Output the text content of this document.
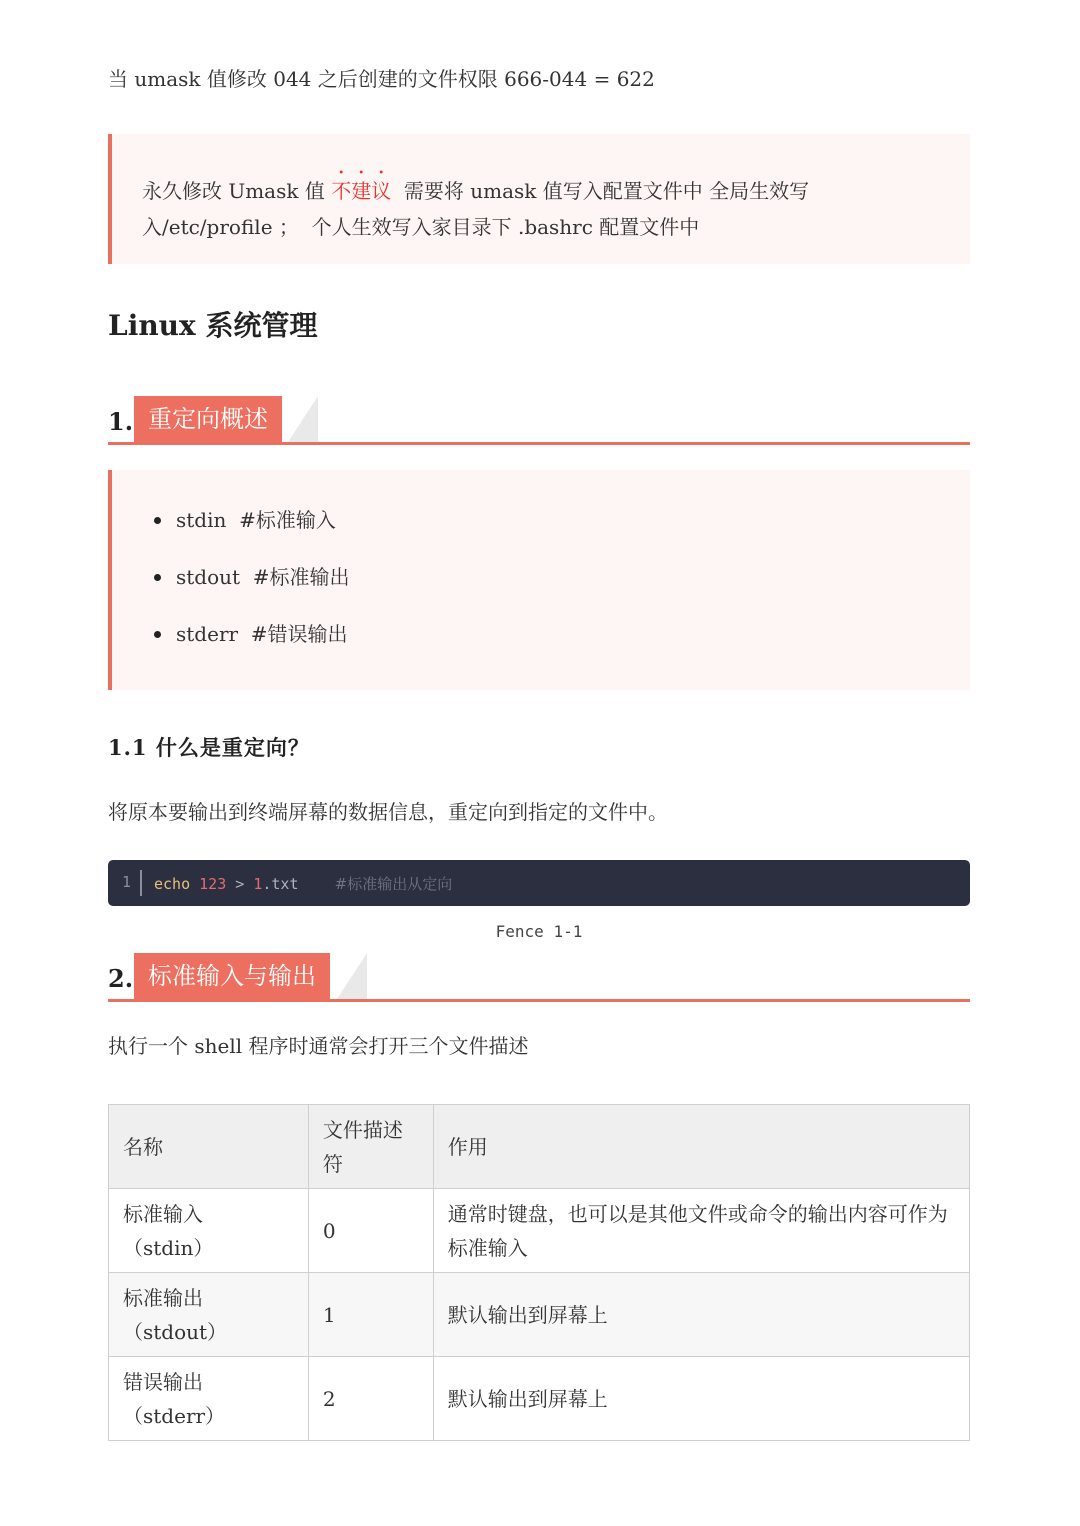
当 umask 值修改 044 之后创建的文件权限 666-044 = 622
永久修改 Umask 值 不建议  需要将 umask 值写入配置文件中 全局生效写
入/etc/profile ；  个人生效写入家目录下 .bashrc 配置文件中
Linux 系统管理
1. 重定向概述
stdin  #标准输入
stdout  #标准输出
stderr  #错误输出
1.1 什么是重定向？
将原本要输出到终端屏幕的数据信息，重定向到指定的文件中。
1 echo 123 > 1.txt #标准输出从定向
Fence 1-1
2. 标准输入与输出
执行一个 shell 程序时通常会打开三个文件描述
名称	文件描述符	作用

标准输入
（stdin）	0	通常时键盘，也可以是其他文件或命令的输出内容可作为标准输入

标准输出
（stdout）	1	默认输出到屏幕上

错误输出
（stderr）	2	默认输出到屏幕上
